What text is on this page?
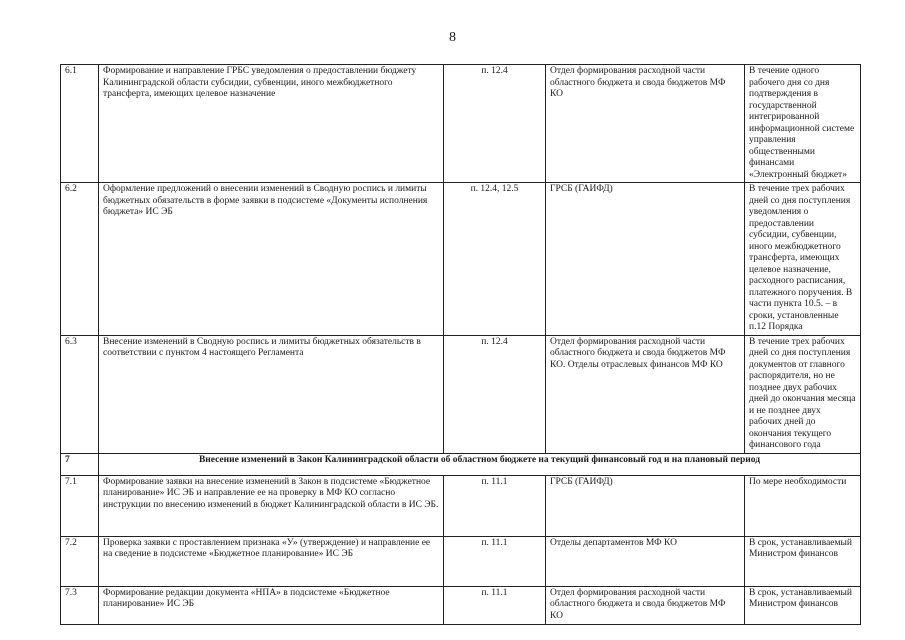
8
6.1	Формирование и направление ГРБС уведомления о предоставлении бюджету Калининградской области субсидии, субвенции, иного межбюджетного трансферта, имеющих целевое назначение	п. 12.4	Отдел формирования расходной части областного бюджета и свода бюджетов МФ КО	В течение одного рабочего дня со дня подтверждения в государственной интегрированной информационной системе управления общественными финансами «Электронный бюджет»
6.2	Оформление предложений о внесении изменений в Сводную роспись и лимиты бюджетных обязательств в форме заявки в подсистеме «Документы исполнения бюджета» ИС ЭБ	п. 12.4, 12.5	ГРСБ (ГАИФД)	В течение трех рабочих дней со дня поступления уведомления о предоставлении субсидии, субвенции, иного межбюджетного трансферта, имеющих целевое назначение, расходного расписания, платежного поручения. В части пункта 10.5. – в сроки, установленные п.12 Порядка
6.3	Внесение изменений в Сводную роспись и лимиты бюджетных обязательств в соответствии с пунктом 4 настоящего Регламента	п. 12.4	Отдел формирования расходной части областного бюджета и свода бюджетов МФ КО. Отделы отраслевых финансов МФ КО	В течение трех рабочих дней со дня поступления документов от главного распорядителя, но не позднее двух рабочих дней до окончания месяца и не позднее двух рабочих дней до окончания текущего финансового года
7	Внесение изменений в Закон Калининградской области об областном бюджете на текущий финансовый год и на плановый период			
7.1	Формирование заявки на внесение изменений в Закон в подсистеме «Бюджетное планирование» ИС ЭБ и направление ее на проверку в МФ КО согласно инструкции по внесению изменений в бюджет Калининградской области в ИС ЭБ.	п. 11.1	ГРСБ (ГАИФД)	По мере необходимости
7.2	Проверка заявки с проставлением признака «У» (утверждение) и направление ее на сведение в подсистеме «Бюджетное планирование» ИС ЭБ	п. 11.1	Отделы департаментов МФ КО	В срок, устанавливаемый Министром финансов
7.3	Формирование редакции документа «НПА» в подсистеме «Бюджетное планирование» ИС ЭБ	п. 11.1	Отдел формирования расходной части областного бюджета и свода бюджетов МФ КО	В срок, устанавливаемый Министром финансов
